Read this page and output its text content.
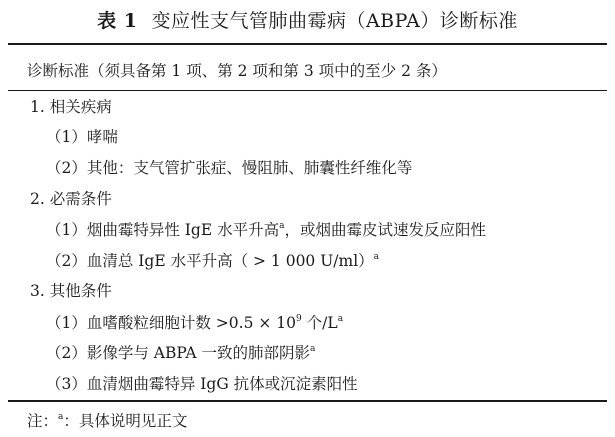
表 1 变应性支气管肺曲霉病（ABPA）诊断标准
诊断标准（须具备第 1 项、第 2 项和第 3 项中的至少 2 条）
1. 相关疾病
（1）哮喘
（2）其他：支气管扩张症、慢阻肺、肺囊性纤维化等
2. 必需条件
（1）烟曲霉特异性 IgE 水平升高$^a$，或烟曲霉皮试速发反应阳性
（2）血清总 IgE 水平升高（ > 1 000 U/ml）$^a$
3. 其他条件
（1）血嗜酸粒细胞计数 $>0.5 \times 10^9$ 个$/L^a$
（2）影像学与 ABPA 一致的肺部阴影$^a$
（3）血清烟曲霉特异 IgG 抗体或沉淀素阳性
注：$^a$：具体说明见正文
